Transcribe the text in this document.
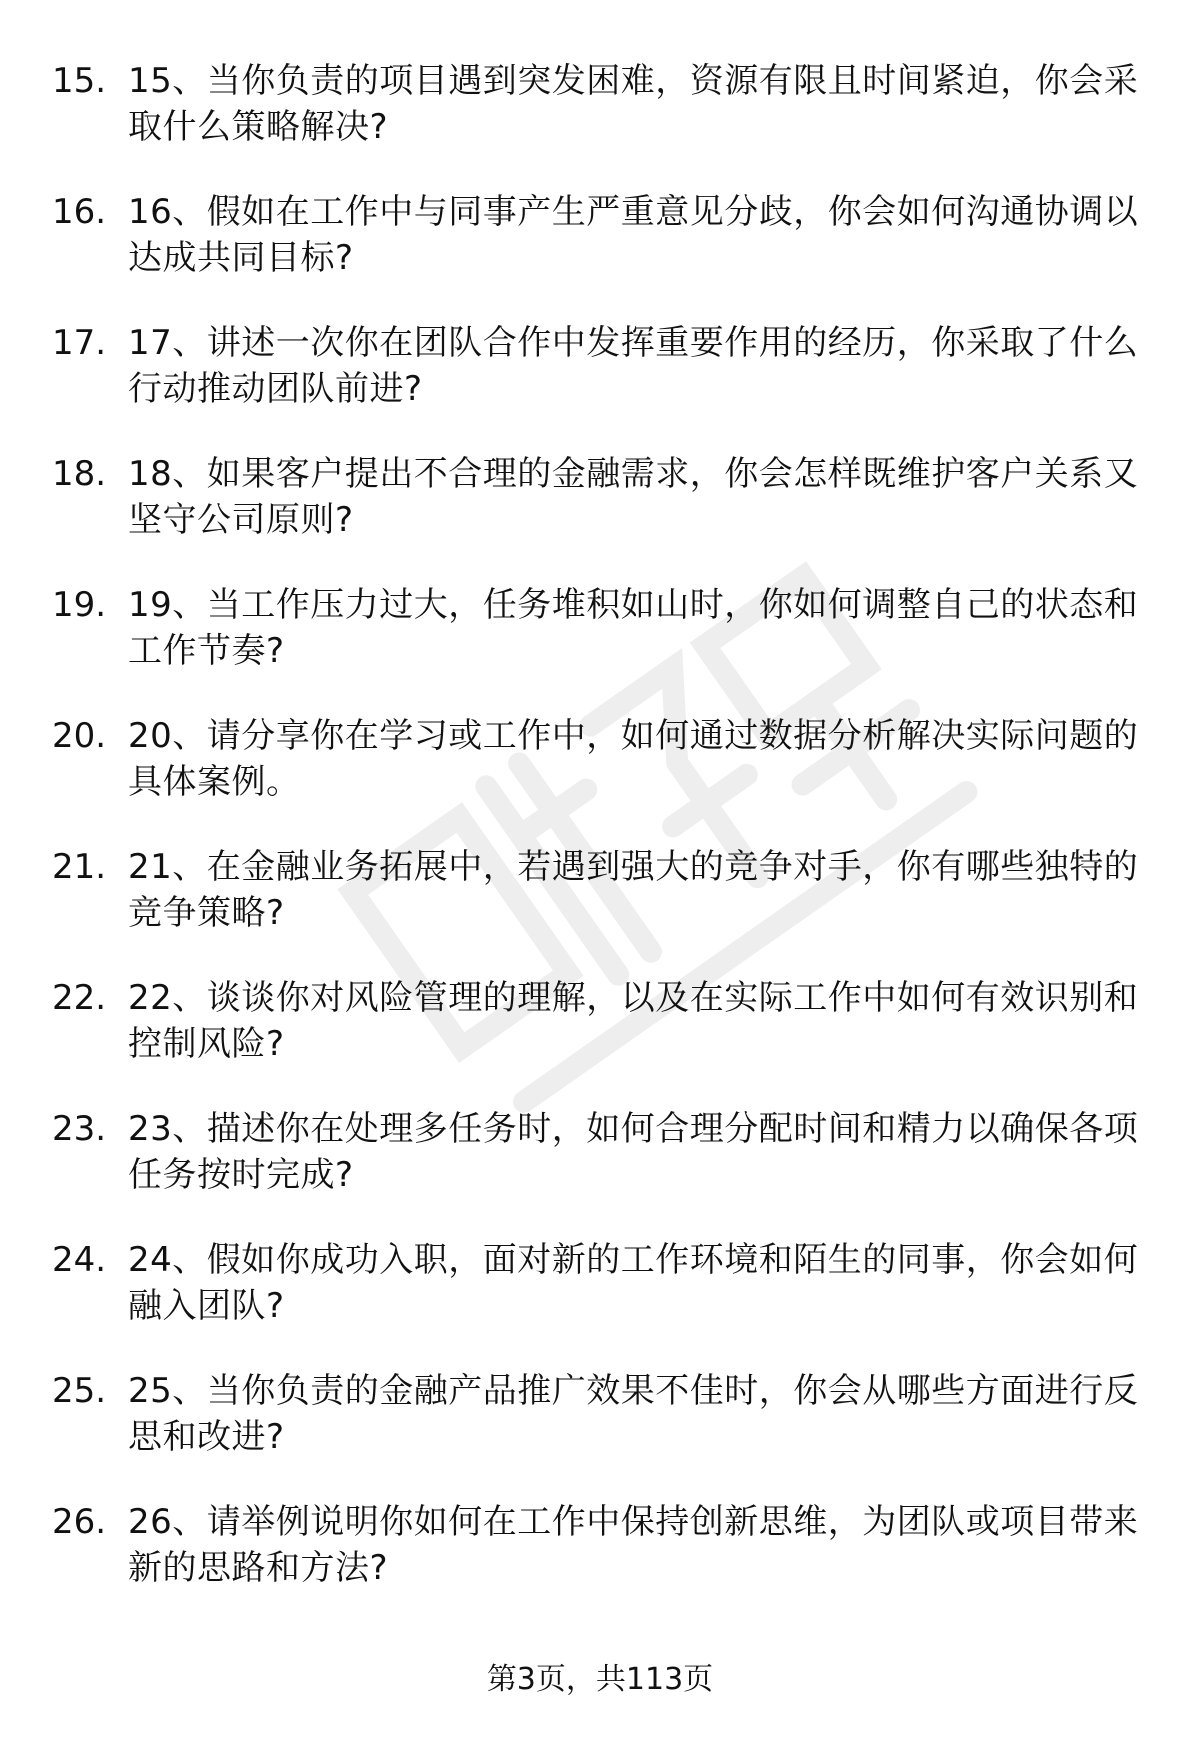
15. 15、当你负责的项目遇到突发困难，资源有限且时间紧迫，你会采取什么策略解决?
16. 16、假如在工作中与同事产生严重意见分歧，你会如何沟通协调以达成共同目标?
17. 17、讲述一次你在团队合作中发挥重要作用的经历，你采取了什么行动推动团队前进?
18. 18、如果客户提出不合理的金融需求，你会怎样既维护客户关系又坚守公司原则?
19. 19、当工作压力过大，任务堆积如山时，你如何调整自己的状态和工作节奏?
20. 20、请分享你在学习或工作中，如何通过数据分析解决实际问题的具体案例。
21. 21、在金融业务拓展中，若遇到强大的竞争对手，你有哪些独特的竞争策略?
22. 22、谈谈你对风险管理的理解，以及在实际工作中如何有效识别和控制风险?
23. 23、描述你在处理多任务时，如何合理分配时间和精力以确保各项任务按时完成?
24. 24、假如你成功入职，面对新的工作环境和陌生的同事，你会如何融入团队?
25. 25、当你负责的金融产品推广效果不佳时，你会从哪些方面进行反思和改进?
26. 26、请举例说明你如何在工作中保持创新思维，为团队或项目带来新的思路和方法?
第3页，共113页
